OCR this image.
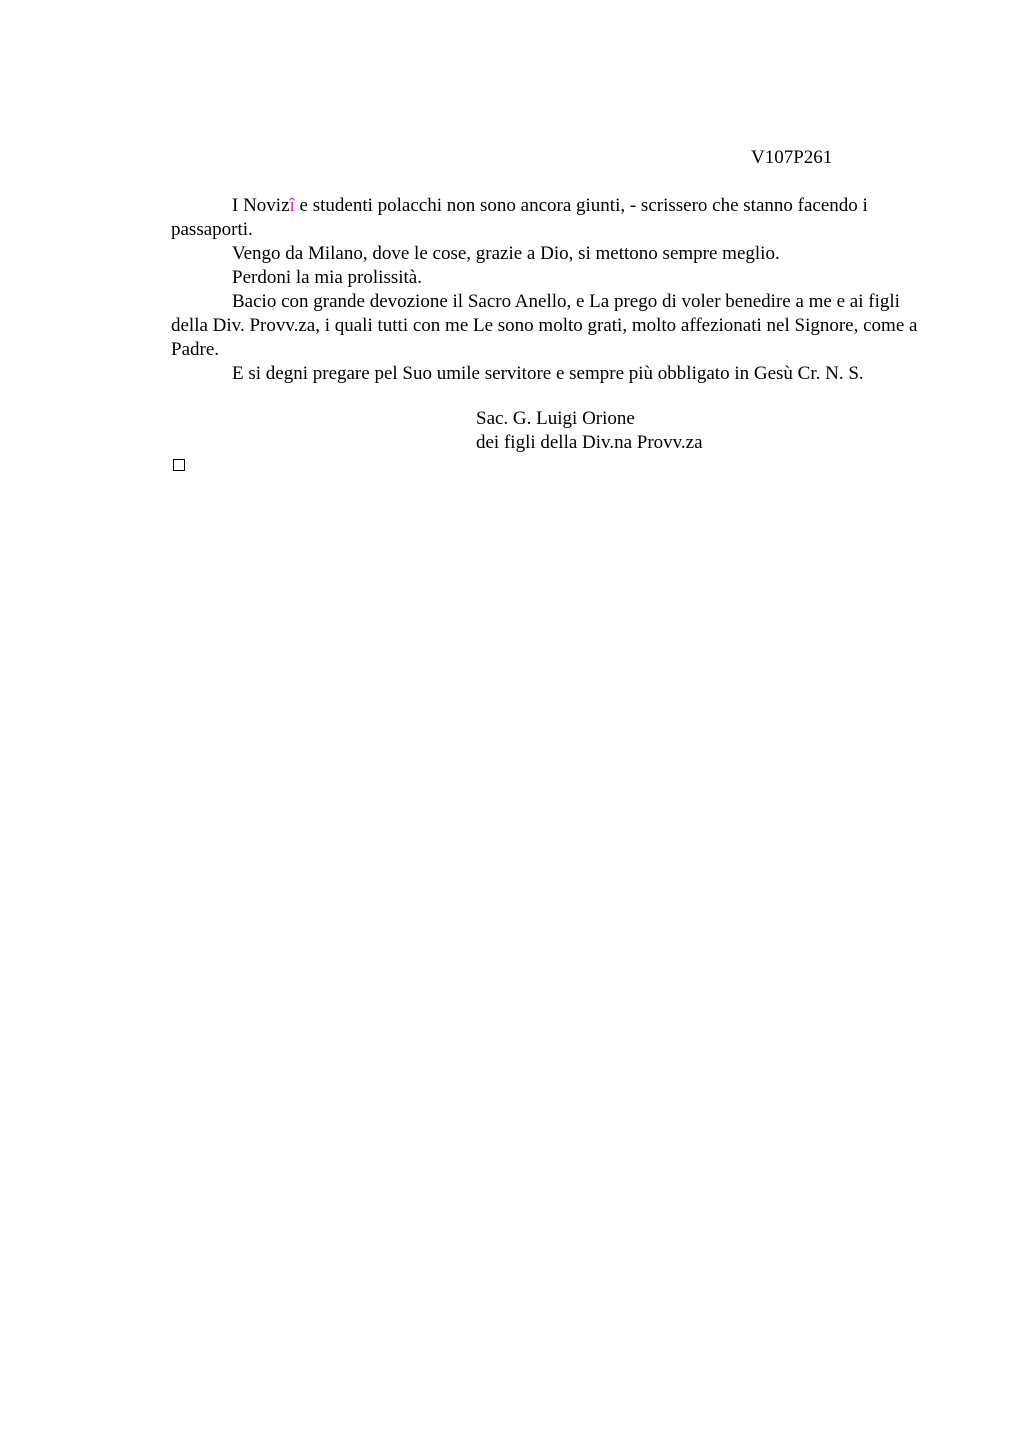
V107P261

I Novizî e studenti polacchi non sono ancora giunti, - scrissero che stanno facendo i passaporti.

Vengo da Milano, dove le cose, grazie a Dio, si mettono sempre meglio.

Perdoni la mia prolissità.

Bacio con grande devozione il Sacro Anello, e La prego di voler benedire a me e ai figli della Div. Provv.za, i quali tutti con me Le sono molto grati, molto affezionati nel Signore, come a Padre.

E si degni pregare pel Suo umile servitore e sempre più obbligato in Gesù Cr. N. S.

Sac. G. Luigi Orione
dei figli della Div.na Provv.za
